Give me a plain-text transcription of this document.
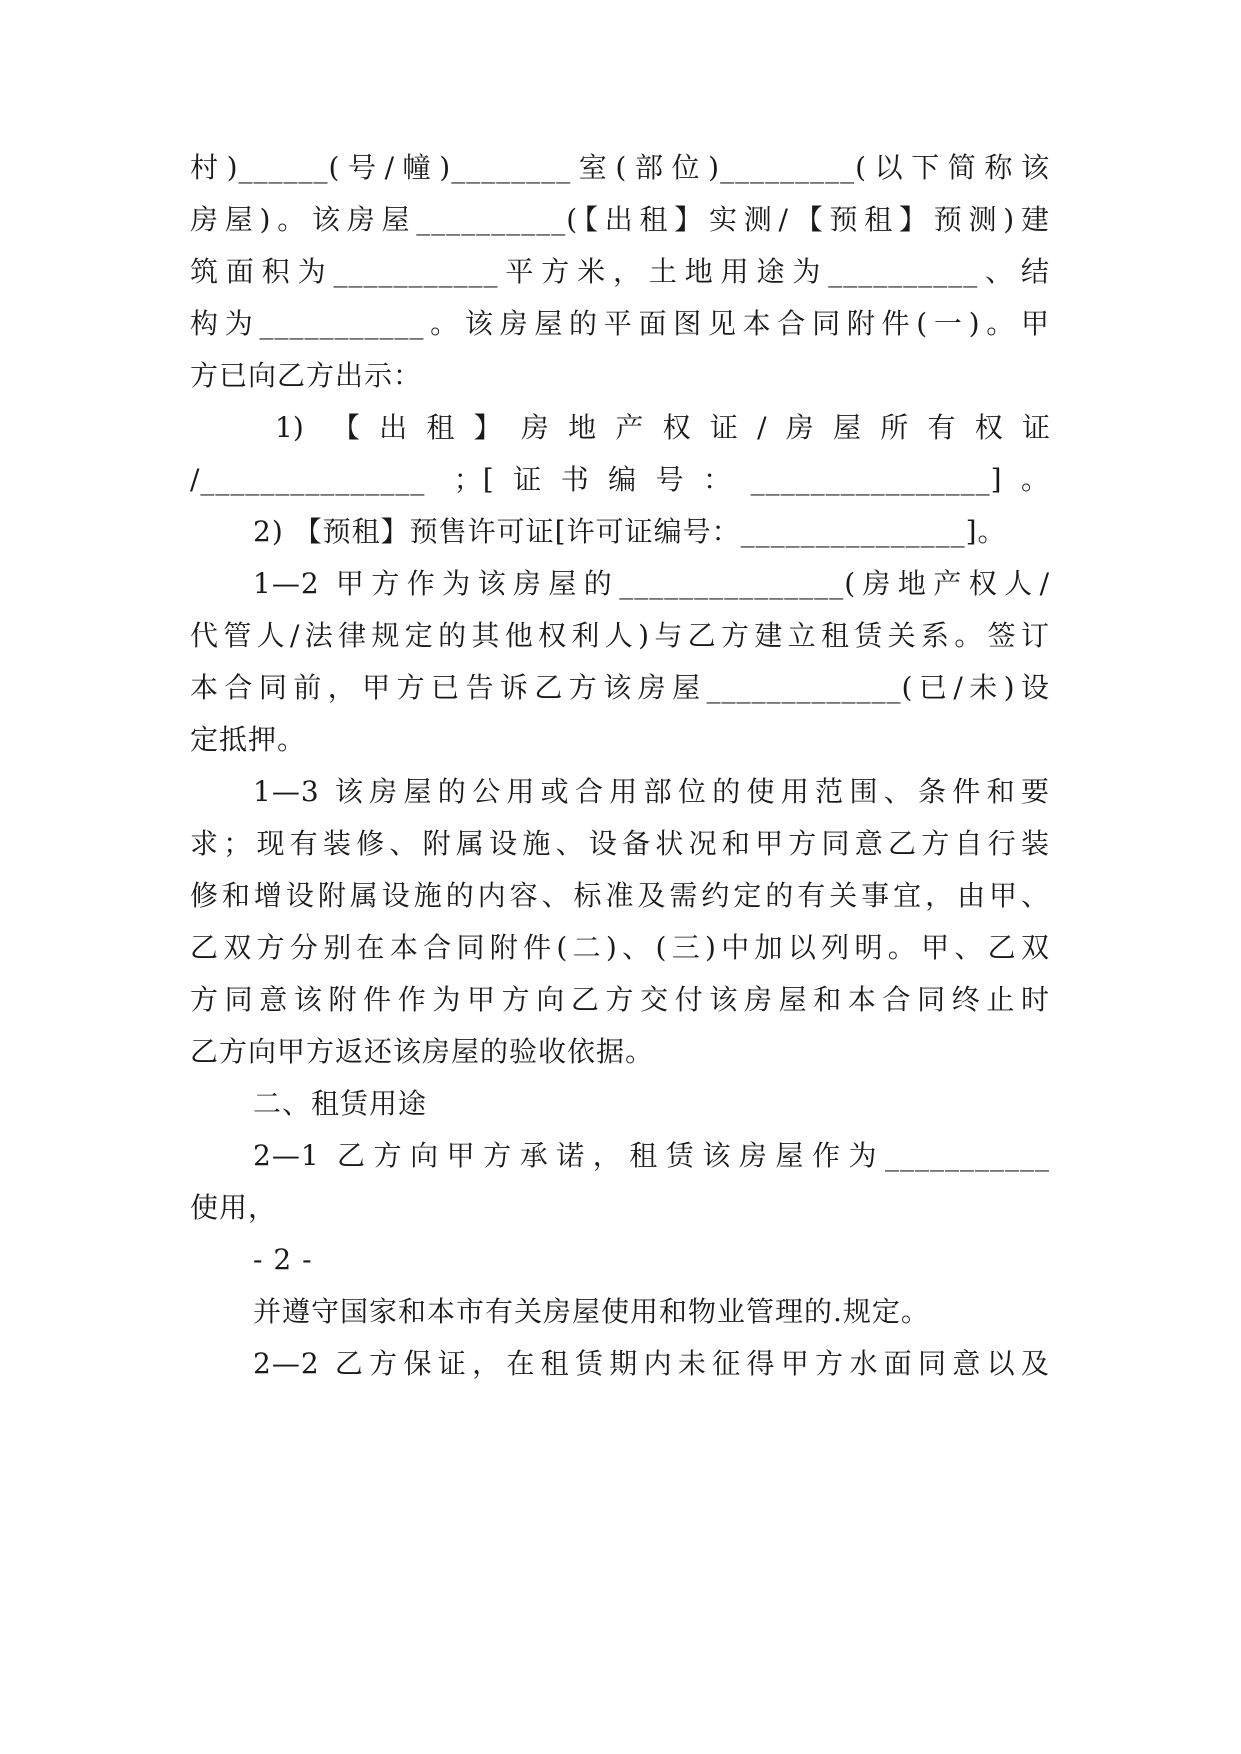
村)______(号/幢)________室(部位)_________(以下简称该
房屋)。该房屋__________(【出租】实测/【预租】预测)建
筑面积为___________平方米，土地用途为__________、结
构为___________。该房屋的平面图见本合同附件(一)。甲
方已向乙方出示：
1) 【出租】房地产权证/房屋所有权证
/_______________ ；[证书编号：________________]。
2) 【预租】预售许可证[许可证编号：_______________]。
1—2 甲方作为该房屋的_______________(房地产权人/
代管人/法律规定的其他权利人)与乙方建立租赁关系。签订
本合同前，甲方已告诉乙方该房屋_____________(已/未)设
定抵押。
1—3 该房屋的公用或合用部位的使用范围、条件和要
求；现有装修、附属设施、设备状况和甲方同意乙方自行装
修和增设附属设施的内容、标准及需约定的有关事宜，由甲、
乙双方分别在本合同附件(二)、(三)中加以列明。甲、乙双
方同意该附件作为甲方向乙方交付该房屋和本合同终止时
乙方向甲方返还该房屋的验收依据。
二、租赁用途
2—1 乙方向甲方承诺，租赁该房屋作为___________
使用，
- 2 -
并遵守国家和本市有关房屋使用和物业管理的.规定。
2—2 乙方保证，在租赁期内未征得甲方水面同意以及
